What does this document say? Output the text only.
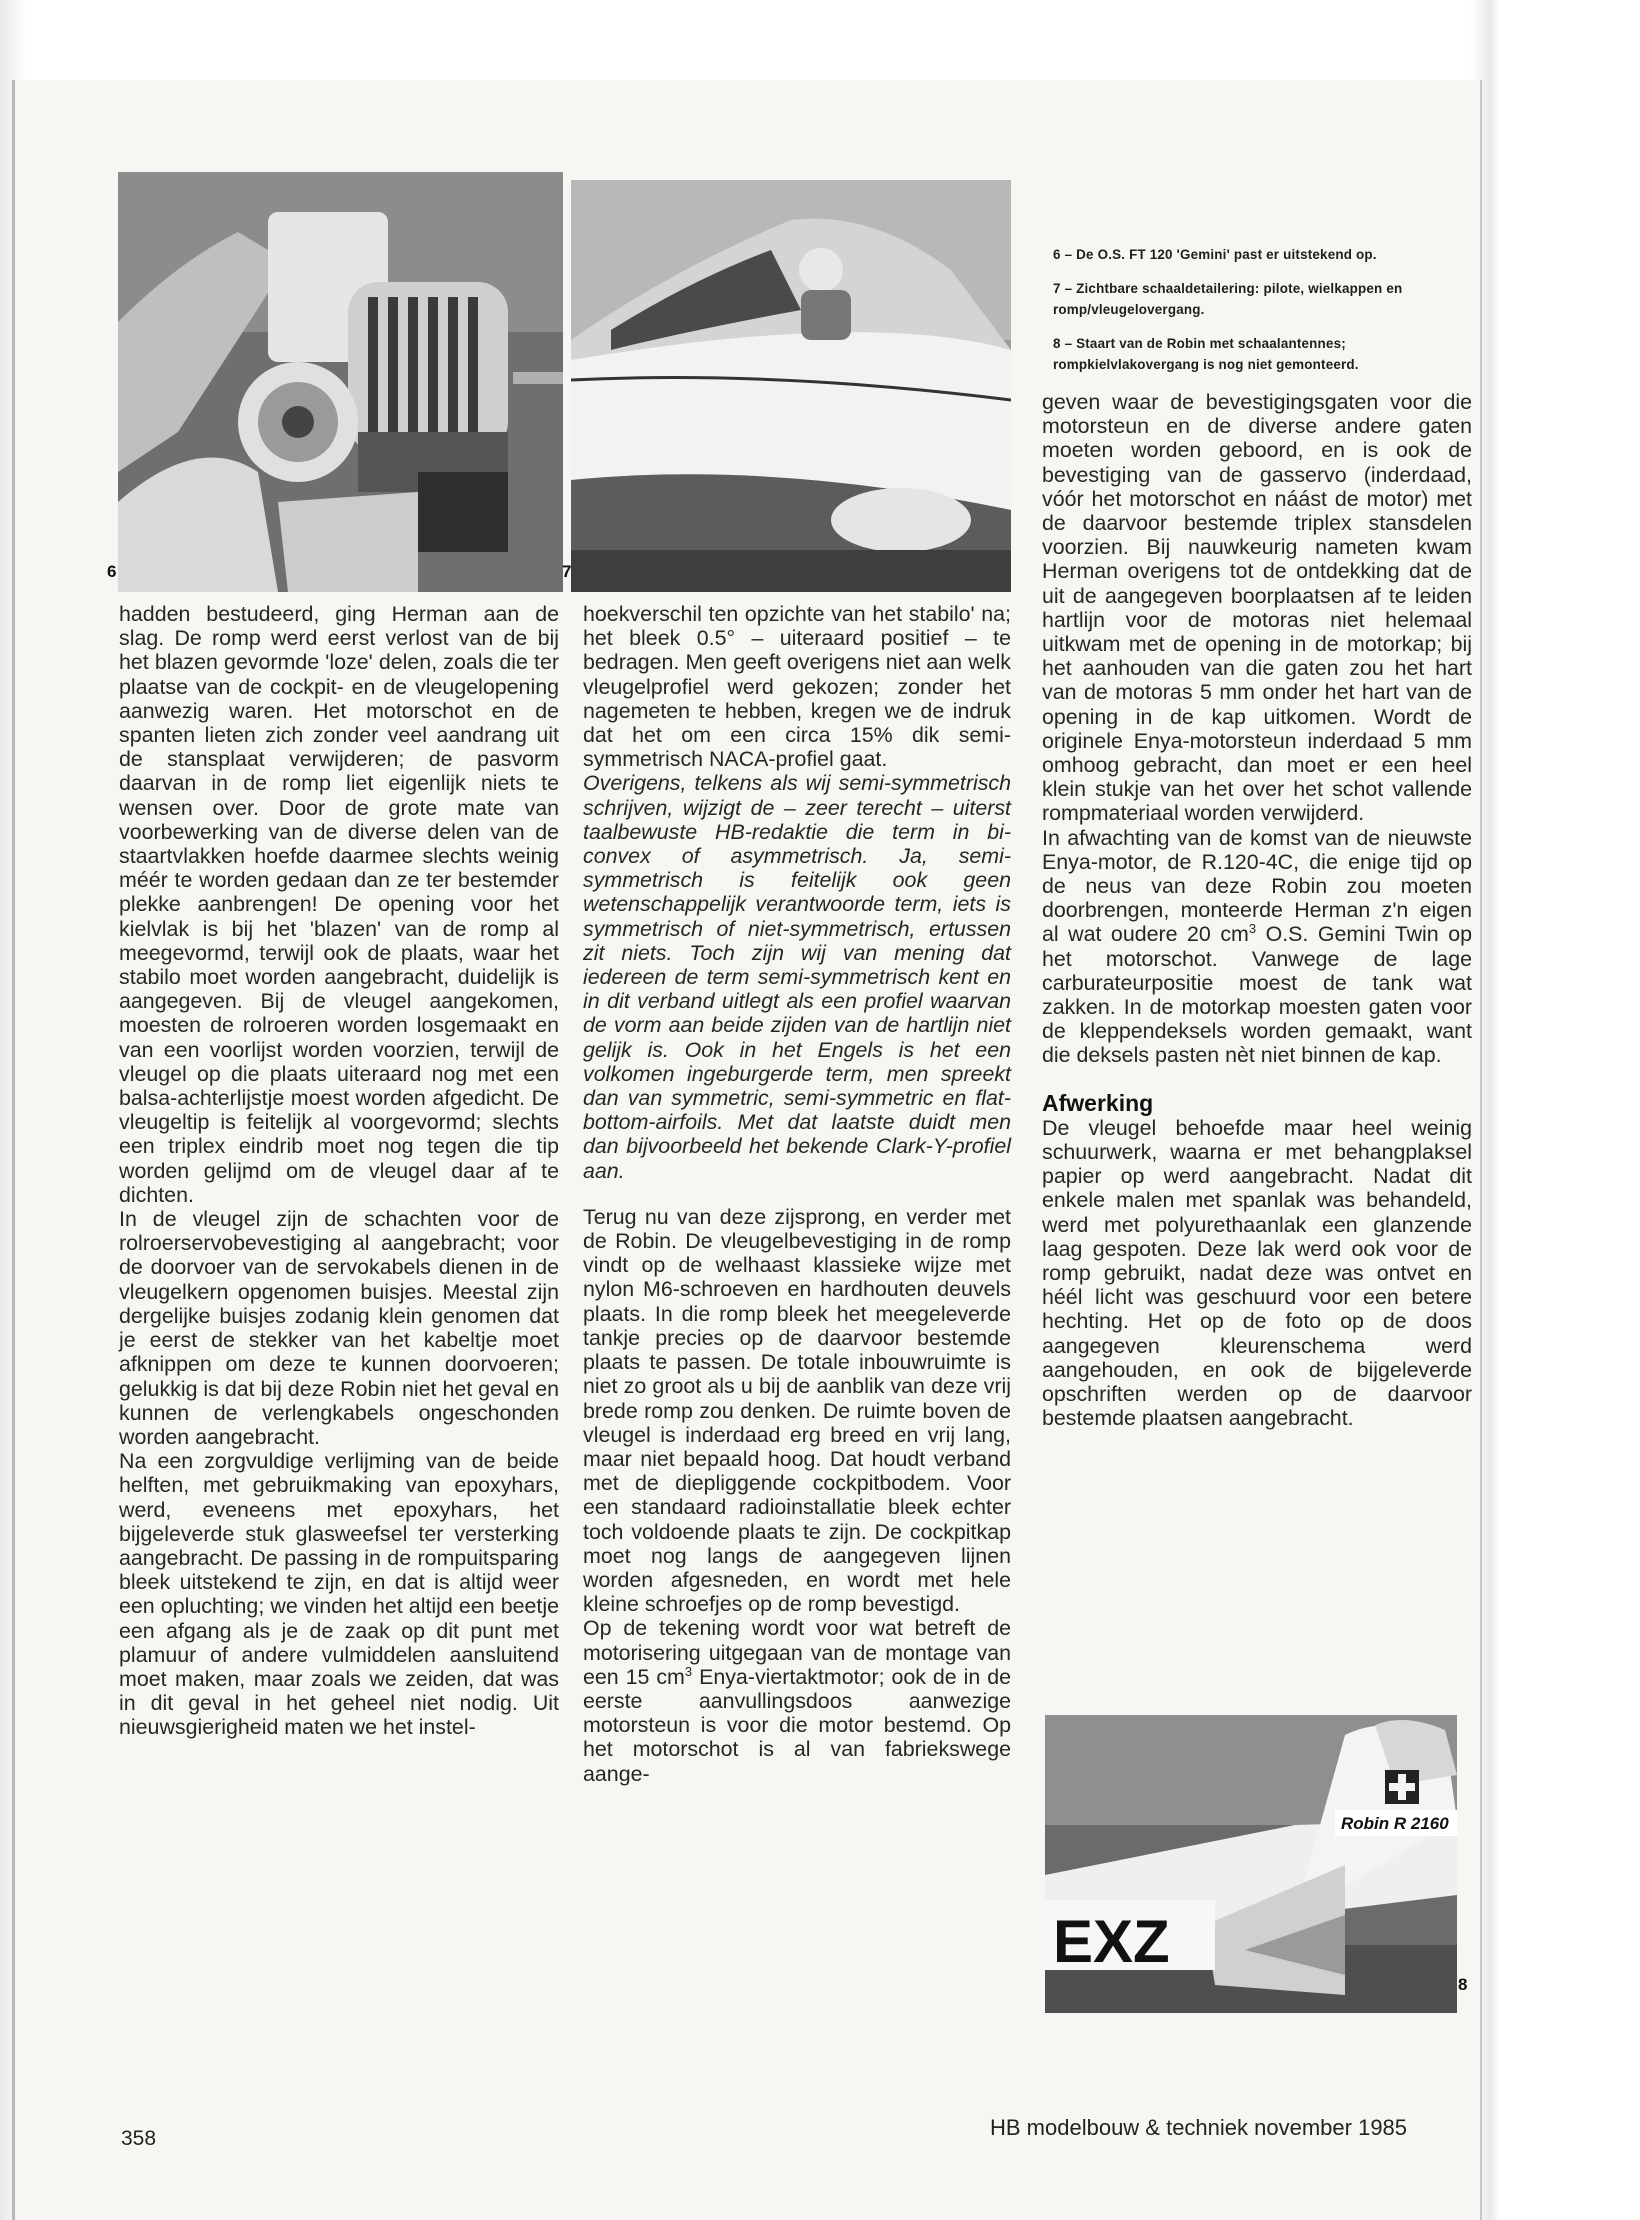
6	7

6 – De O.S. FT 120 'Gemini' past er uitstekend op.

7 – Zichtbare schaaldetailering: pilote, wielkappen en romp/vleugelovergang.

8 – Staart van de Robin met schaalantennes; rompkielvlakovergang is nog niet gemonteerd.

hadden bestudeerd, ging Herman aan de slag. De romp werd eerst verlost van de bij het blazen gevormde 'loze' delen, zoals die ter plaatse van de cockpit- en de vleugelopening aanwezig waren. Het motorschot en de spanten lieten zich zonder veel aandrang uit de stansplaat verwijderen; de pasvorm daarvan in de romp liet eigenlijk niets te wensen over. Door de grote mate van voorbewerking van de diverse delen van de staartvlakken hoefde daarmee slechts weinig méér te worden gedaan dan ze ter bestemder plekke aanbrengen! De opening voor het kielvlak is bij het 'blazen' van de romp al meegevormd, terwijl ook de plaats, waar het stabilo moet worden aangebracht, duidelijk is aangegeven. Bij de vleugel aangekomen, moesten de rolroeren worden losgemaakt en van een voorlijst worden voorzien, terwijl de vleugel op die plaats uiteraard nog met een balsa-achterlijstje moest worden afgedicht. De vleugeltip is feitelijk al voorgevormd; slechts een triplex eindrib moet nog tegen die tip worden gelijmd om de vleugel daar af te dichten.

In de vleugel zijn de schachten voor de rolroerservobevestiging al aangebracht; voor de doorvoer van de servokabels dienen in de vleugelkern opgenomen buisjes. Meestal zijn dergelijke buisjes zodanig klein genomen dat je eerst de stekker van het kabeltje moet afknippen om deze te kunnen doorvoeren; gelukkig is dat bij deze Robin niet het geval en kunnen de verlengkabels ongeschonden worden aangebracht.

Na een zorgvuldige verlijming van de beide helften, met gebruikmaking van epoxyhars, werd, eveneens met epoxyhars, het bijgeleverde stuk glasweefsel ter versterking aangebracht. De passing in de rompuitsparing bleek uitstekend te zijn, en dat is altijd weer een opluchting; we vinden het altijd een beetje een afgang als je de zaak op dit punt met plamuur of andere vulmiddelen aansluitend moet maken, maar zoals we zeiden, dat was in dit geval in het geheel niet nodig. Uit nieuwsgierigheid maten we het instel-

hoekverschil ten opzichte van het stabilo' na; het bleek 0.5° – uiteraard positief – te bedragen. Men geeft overigens niet aan welk vleugelprofiel werd gekozen; zonder het nagemeten te hebben, kregen we de indruk dat het om een circa 15% dik semi-symmetrisch NACA-profiel gaat.

Overigens, telkens als wij semi-symmetrisch schrijven, wijzigt de – zeer terecht – uiterst taalbewuste HB-redaktie die term in bi-convex of asymmetrisch. Ja, semi-symmetrisch is feitelijk ook geen wetenschappelijk verantwoorde term, iets is symmetrisch of niet-symmetrisch, ertussen zit niets. Toch zijn wij van mening dat iedereen de term semi-symmetrisch kent en in dit verband uitlegt als een profiel waarvan de vorm aan beide zijden van de hartlijn niet gelijk is. Ook in het Engels is het een volkomen ingeburgerde term, men spreekt dan van symmetric, semi-symmetric en flat-bottom-airfoils. Met dat laatste duidt men dan bijvoorbeeld het bekende Clark-Y-profiel aan.

Terug nu van deze zijsprong, en verder met de Robin. De vleugelbevestiging in de romp vindt op de welhaast klassieke wijze met nylon M6-schroeven en hardhouten deuvels plaats. In die romp bleek het meegeleverde tankje precies op de daarvoor bestemde plaats te passen. De totale inbouwruimte is niet zo groot als u bij de aanblik van deze vrij brede romp zou denken. De ruimte boven de vleugel is inderdaad erg breed en vrij lang, maar niet bepaald hoog. Dat houdt verband met de diepliggende cockpitbodem. Voor een standaard radioinstallatie bleek echter toch voldoende plaats te zijn. De cockpitkap moet nog langs de aangegeven lijnen worden afgesneden, en wordt met hele kleine schroefjes op de romp bevestigd.

Op de tekening wordt voor wat betreft de motorisering uitgegaan van de montage van een 15 $cm^3$ Enya-viertaktmotor; ook de in de eerste aanvullingsdoos aanwezige motorsteun is voor die motor bestemd. Op het motorschot is al van fabriekswege aange-

geven waar de bevestigingsgaten voor die motorsteun en de diverse andere gaten moeten worden geboord, en is ook de bevestiging van de gasservo (inderdaad, vóór het motorschot en náást de motor) met de daarvoor bestemde triplex stansdelen voorzien. Bij nauwkeurig nameten kwam Herman overigens tot de ontdekking dat de uit de aangegeven boorplaatsen af te leiden hartlijn voor de motoras niet helemaal uitkwam met de opening in de motorkap; bij het aanhouden van die gaten zou het hart van de motoras 5 mm onder het hart van de opening in de kap uitkomen. Wordt de originele Enya-motorsteun inderdaad 5 mm omhoog gebracht, dan moet er een heel klein stukje van het over het schot vallende rompmateriaal worden verwijderd.

In afwachting van de komst van de nieuwste Enya-motor, de R.120-4C, die enige tijd op de neus van deze Robin zou moeten doorbrengen, monteerde Herman z'n eigen al wat oudere 20 $cm^3$ O.S. Gemini Twin op het motorschot. Vanwege de lage carburateurpositie moest de tank wat zakken. In de motorkap moesten gaten voor de kleppendeksels worden gemaakt, want die deksels pasten nèt niet binnen de kap.

Afwerking

De vleugel behoefde maar heel weinig schuurwerk, waarna er met behangplaksel papier op werd aangebracht. Nadat dit enkele malen met spanlak was behandeld, werd met polyurethaanlak een glanzende laag gespoten. Deze lak werd ook voor de romp gebruikt, nadat deze was ontvet en héél licht was geschuurd voor een betere hechting. Het op de foto op de doos aangegeven kleurenschema werd aangehouden, en ook de bijgeleverde opschriften werden op de daarvoor bestemde plaatsen aangebracht.

Robin R 2160
EXZ
8
358	HB modelbouw & techniek november 1985
